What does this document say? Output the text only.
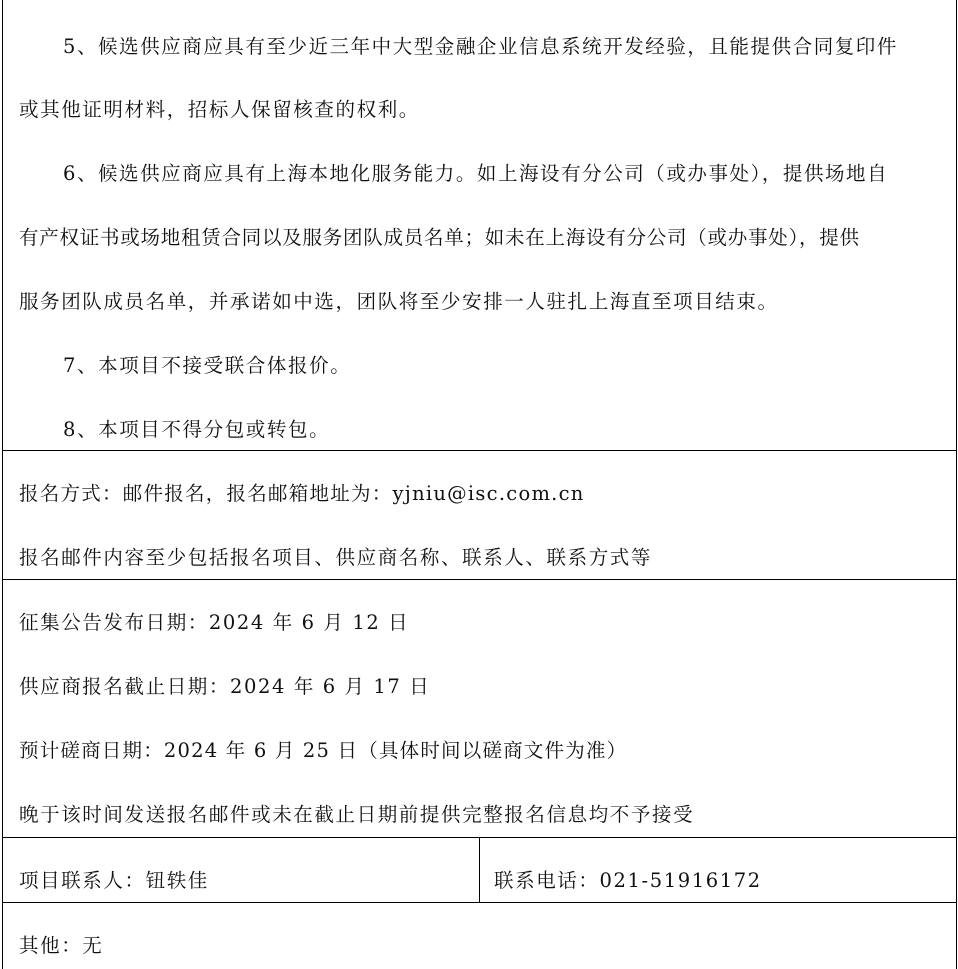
5、候选供应商应具有至少近三年中大型金融企业信息系统开发经验，且能提供合同复印件
或其他证明材料，招标人保留核查的权利。
6、候选供应商应具有上海本地化服务能力。如上海设有分公司（或办事处），提供场地自
有产权证书或场地租赁合同以及服务团队成员名单；如未在上海设有分公司（或办事处），提供
服务团队成员名单，并承诺如中选，团队将至少安排一人驻扎上海直至项目结束。
7、本项目不接受联合体报价。
8、本项目不得分包或转包。
报名方式：邮件报名，报名邮箱地址为：yjniu@isc.com.cn
报名邮件内容至少包括报名项目、供应商名称、联系人、联系方式等
征集公告发布日期：2024 年 6 月 12 日
供应商报名截止日期：2024 年 6 月 17 日
预计磋商日期：2024 年 6 月 25 日（具体时间以磋商文件为准）
晚于该时间发送报名邮件或未在截止日期前提供完整报名信息均不予接受
项目联系人：钮轶佳	联系电话：021-51916172
其他：无
